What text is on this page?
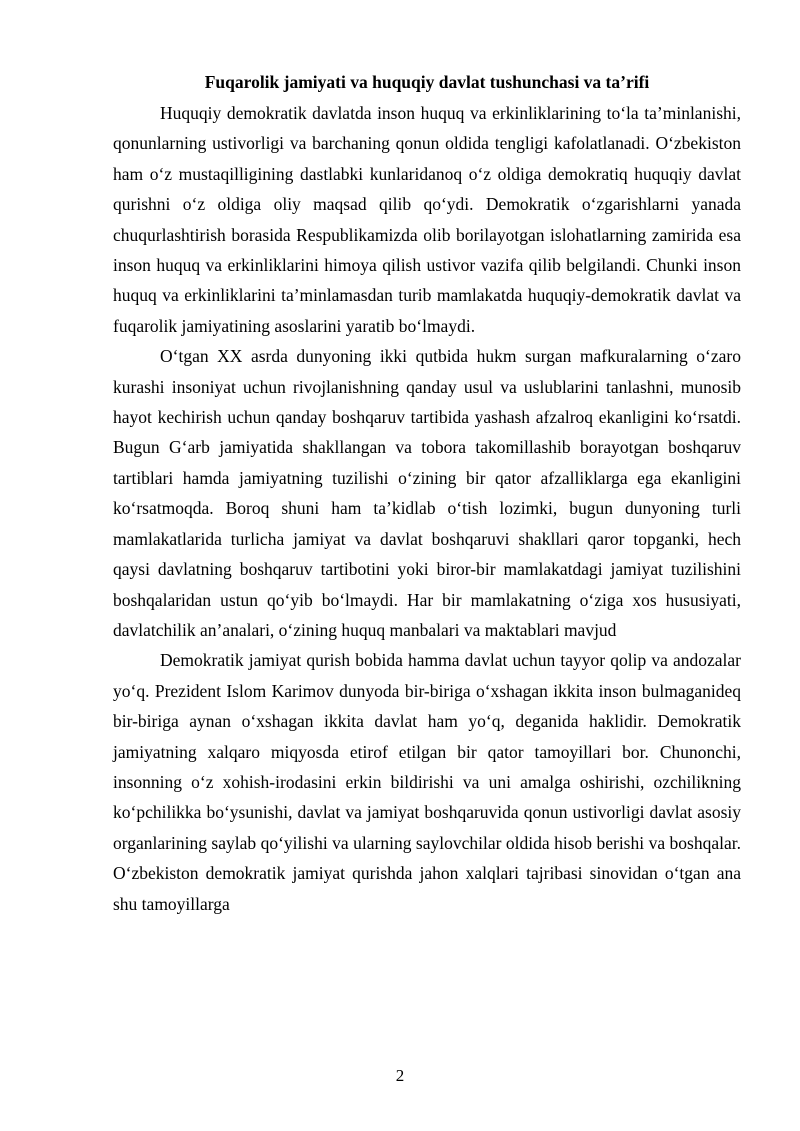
Fuqarolik jamiyati va huquqiy davlat tushunchasi va ta’rifi

Huquqiy demokratik davlatda inson huquq va erkinliklarining to‘la ta’minlanishi, qonunlarning ustivorligi va barchaning qonun oldida tengligi kafolatlanadi. O‘zbekiston ham o‘z mustaqilligining dastlabki kunlaridanoq o‘z oldiga demokratiq huquqiy davlat qurishni o‘z oldiga oliy maqsad qilib qo‘ydi. Demokratik o‘zgarishlarni yanada chuqurlashtirish borasida Respublikamizda olib borilayotgan islohatlarning zamirida esa inson huquq va erkinliklarini himoya qilish ustivor vazifa qilib belgilandi. Chunki inson huquq va erkinliklarini ta’minlamasdan turib mamlakatda huquqiy-demokratik davlat va fuqarolik jamiyatining asoslarini yaratib bo‘lmaydi.

O‘tgan XX asrda dunyoning ikki qutbida hukm surgan mafkuralarning o‘zaro kurashi insoniyat uchun rivojlanishning qanday usul va uslublarini tanlashni, munosib hayot kechirish uchun qanday boshqaruv tartibida yashash afzalroq ekanligini ko‘rsatdi. Bugun G‘arb jamiyatida shakllangan va tobora takomillashib borayotgan boshqaruv tartiblari hamda jamiyatning tuzilishi o‘zining bir qator afzalliklarga ega ekanligini ko‘rsatmoqda. Boroq shuni ham ta’kidlab o‘tish lozimki, bugun dunyoning turli mamlakatlarida turlicha jamiyat va davlat boshqaruvi shakllari qaror topganki, hech qaysi davlatning boshqaruv tartibotini yoki biror-bir mamlakatdagi jamiyat tuzilishini boshqalaridan ustun qo‘yib bo‘lmaydi. Har bir mamlakatning o‘ziga xos hususiyati, davlatchilik an’analari, o‘zining huquq manbalari va maktablari mavjud

Demokratik jamiyat qurish bobida hamma davlat uchun tayyor qolip va andozalar yo‘q. Prezident Islom Karimov dunyoda bir-biriga o‘xshagan ikkita inson bulmaganideq bir-biriga aynan o‘xshagan ikkita davlat ham yo‘q, deganida haklidir. Demokratik jamiyatning xalqaro miqyosda etirof etilgan bir qator tamoyillari bor. Chunonchi, insonning o‘z xohish-irodasini erkin bildirishi va uni amalga oshirishi, ozchilikning ko‘pchilikka bo‘ysunishi, davlat va jamiyat boshqaruvida qonun ustivorligi davlat asosiy organlarining saylab qo‘yilishi va ularning saylovchilar oldida hisob berishi va boshqalar. O‘zbekiston demokratik jamiyat qurishda jahon xalqlari tajribasi sinovidan o‘tgan ana shu tamoyillarga

2
